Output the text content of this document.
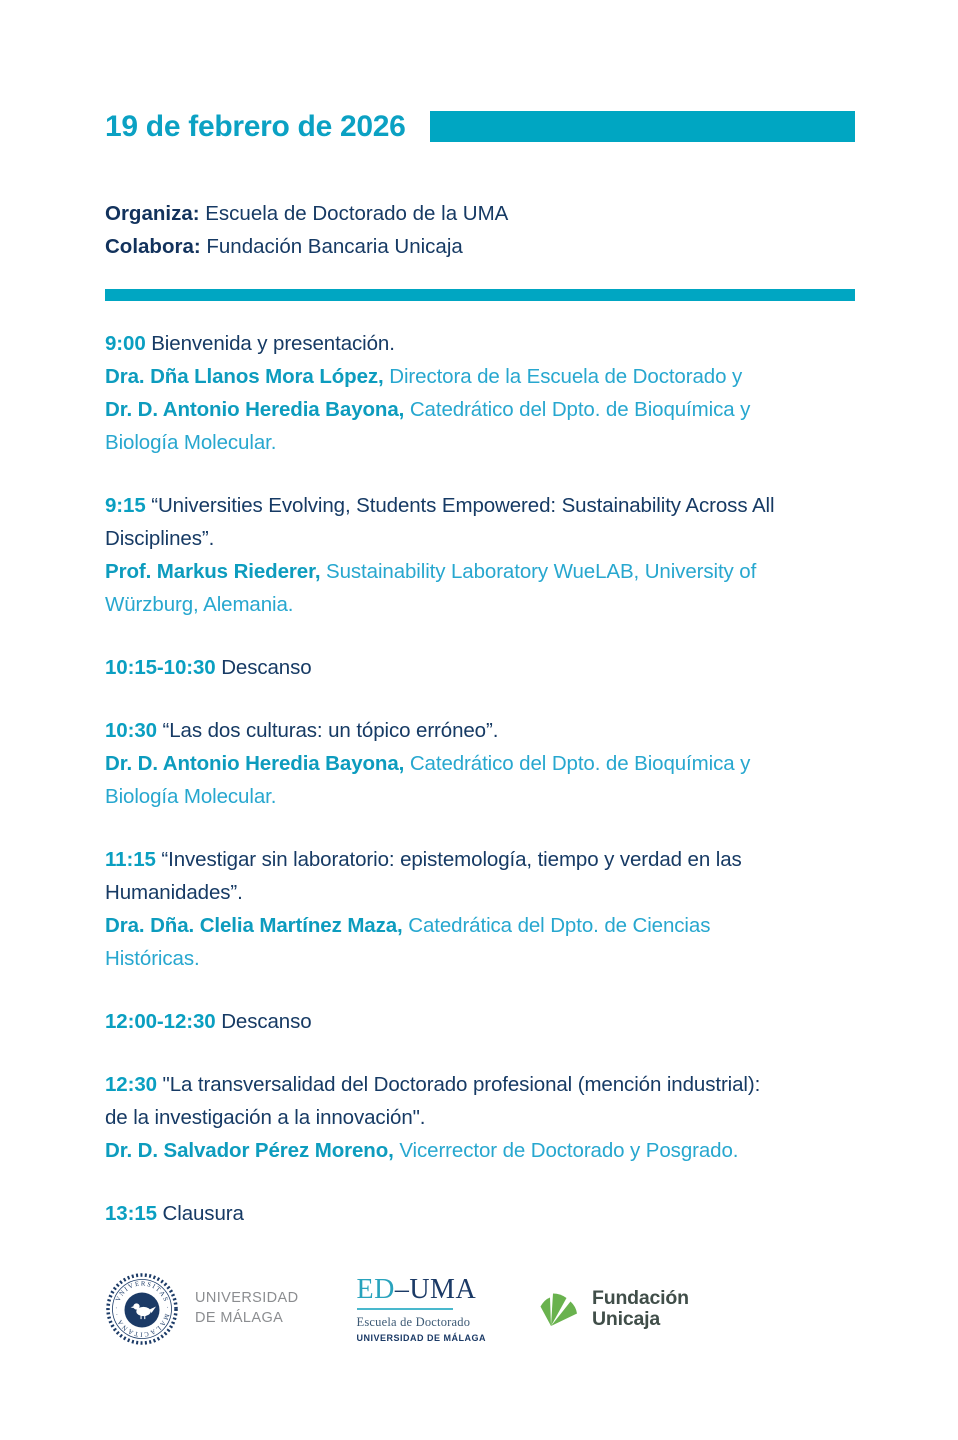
19 de febrero de 2026

Organiza: Escuela de Doctorado de la UMA

Colabora: Fundación Bancaria Unicaja

9:00 Bienvenida y presentación.
Dra. Dña Llanos Mora López, Directora de la Escuela de Doctorado y
Dr. D. Antonio Heredia Bayona, Catedrático del Dpto. de Bioquímica y
Biología Molecular.

9:15 “Universities Evolving, Students Empowered: Sustainability Across All
Disciplines”.
Prof. Markus Riederer, Sustainability Laboratory WueLAB, University of
Würzburg, Alemania.

10:15-10:30 Descanso

10:30 “Las dos culturas: un tópico erróneo”.
Dr. D. Antonio Heredia Bayona, Catedrático del Dpto. de Bioquímica y
Biología Molecular.

11:15 “Investigar sin laboratorio: epistemología, tiempo y verdad en las
Humanidades”.
Dra. Dña. Clelia Martínez Maza, Catedrática del Dpto. de Ciencias
Históricas.

12:00-12:30 Descanso

12:30 "La transversalidad del Doctorado profesional (mención industrial):
de la investigación a la innovación".
Dr. D. Salvador Pérez Moreno, Vicerrector de Doctorado y Posgrado.

13:15 Clausura

· VNIVERSITAS · MALACITANA ·
UNIVERSIDAD
DE MÁLAGA
ED–UMA
Escuela de Doctorado
UNIVERSIDAD DE MÁLAGA
Fundación
Unicaja
